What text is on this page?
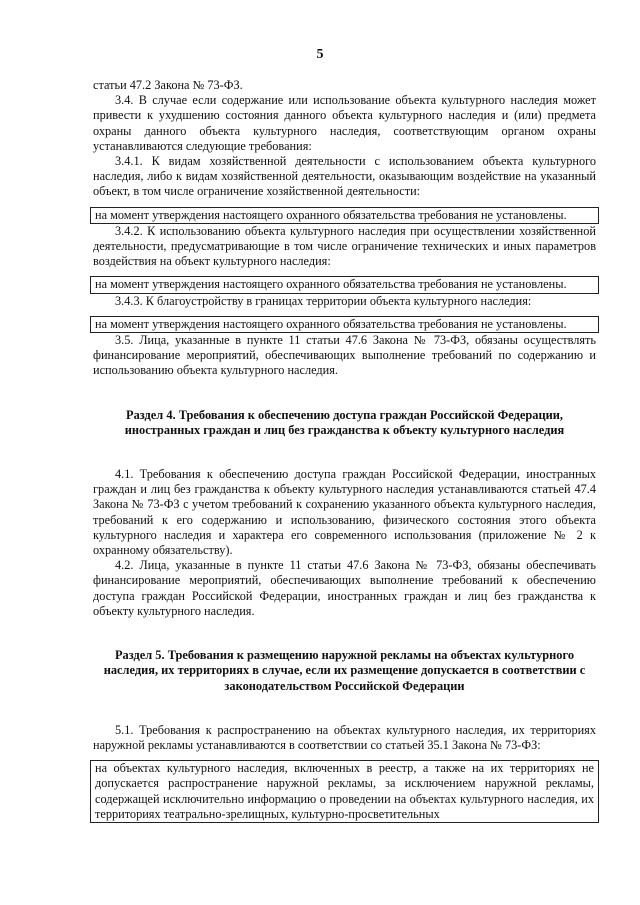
5

статьи 47.2 Закона № 73-ФЗ.

3.4. В случае если содержание или использование объекта культурного наследия может привести к ухудшению состояния данного объекта культурного наследия и (или) предмета охраны данного объекта культурного наследия, соответствующим органом охраны устанавливаются следующие требования:

3.4.1. К видам хозяйственной деятельности с использованием объекта культурного наследия, либо к видам хозяйственной деятельности, оказывающим воздействие на указанный объект, в том числе ограничение хозяйственной деятельности:

на момент утверждения настоящего охранного обязательства требования не установлены.

3.4.2. К использованию объекта культурного наследия при осуществлении хозяйственной деятельности, предусматривающие в том числе ограничение технических и иных параметров воздействия на объект культурного наследия:

на момент утверждения настоящего охранного обязательства требования не установлены.

3.4.3. К благоустройству в границах территории объекта культурного наследия:

на момент утверждения настоящего охранного обязательства требования не установлены.

3.5. Лица, указанные в пункте 11 статьи 47.6 Закона № 73-ФЗ, обязаны осуществлять финансирование мероприятий, обеспечивающих выполнение требований по содержанию и использованию объекта культурного наследия.

Раздел 4. Требования к обеспечению доступа граждан Российской Федерации, иностранных граждан и лиц без гражданства к объекту культурного наследия

4.1. Требования к обеспечению доступа граждан Российской Федерации, иностранных граждан и лиц без гражданства к объекту культурного наследия устанавливаются статьей 47.4 Закона № 73-ФЗ с учетом требований к сохранению указанного объекта культурного наследия, требований к его содержанию и использованию, физического состояния этого объекта культурного наследия и характера его современного использования (приложение № 2 к охранному обязательству).

4.2. Лица, указанные в пункте 11 статьи 47.6 Закона № 73-ФЗ, обязаны обеспечивать финансирование мероприятий, обеспечивающих выполнение требований к обеспечению доступа граждан Российской Федерации, иностранных граждан и лиц без гражданства к объекту культурного наследия.

Раздел 5. Требования к размещению наружной рекламы на объектах культурного наследия, их территориях в случае, если их размещение допускается в соответствии с законодательством Российской Федерации

5.1. Требования к распространению на объектах культурного наследия, их территориях наружной рекламы устанавливаются в соответствии со статьей 35.1 Закона № 73-ФЗ:

на объектах культурного наследия, включенных в реестр, а также на их территориях не допускается распространение наружной рекламы, за исключением наружной рекламы, содержащей исключительно информацию о проведении на объектах культурного наследия, их территориях театрально-зрелищных, культурно-просветительных
